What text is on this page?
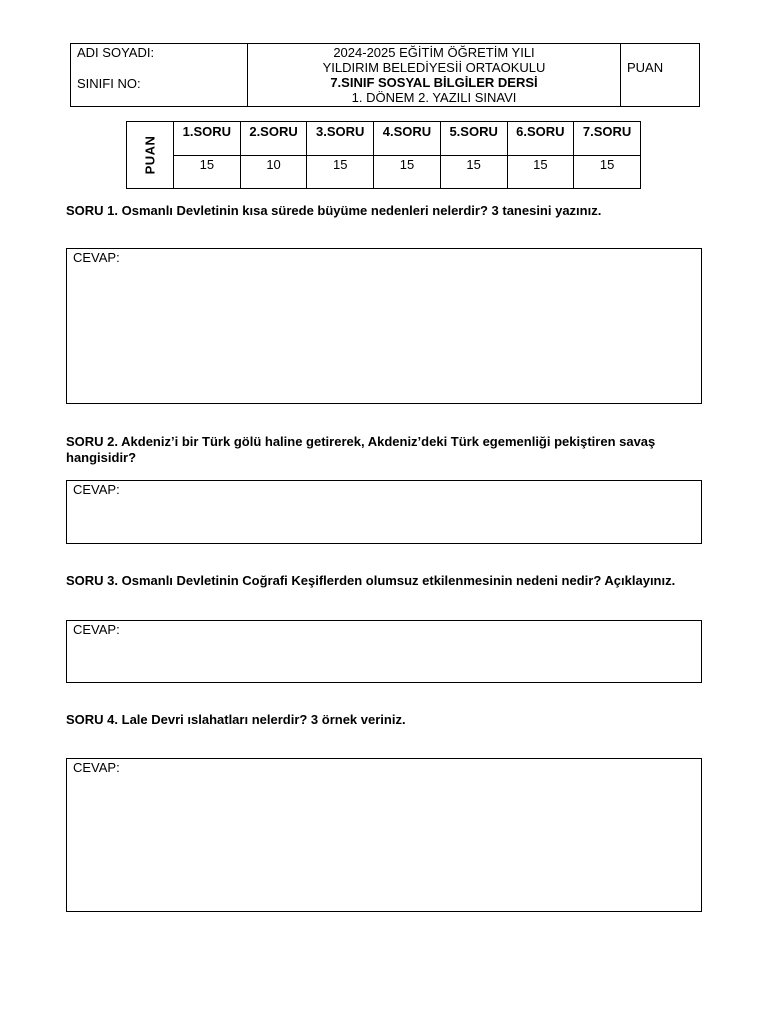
ADI SOYADI:
SINIFI NO:

2024-2025 EĞİTİM ÖĞRETİM YILI
YILDIRIM BELEDİYESİİ ORTAOKULU
7.SINIF SOSYAL BİLGİLER DERSİ
1. DÖNEM 2. YAZILI SINAVI

PUAN
PUAN	1.SORU	2.SORU	3.SORU	4.SORU	5.SORU	6.SORU	7.SORU
	15	10	15	15	15	15	15
SORU 1. Osmanlı Devletinin kısa sürede büyüme nedenleri nelerdir? 3 tanesini yazınız.
CEVAP:
SORU 2. Akdeniz’i bir Türk gölü haline getirerek, Akdeniz’deki Türk egemenliği pekiştiren savaş hangisidir?
CEVAP:
SORU 3. Osmanlı Devletinin Coğrafi Keşiflerden olumsuz etkilenmesinin nedeni nedir? Açıklayınız.
CEVAP:
SORU 4. Lale Devri ıslahatları nelerdir? 3 örnek veriniz.
CEVAP:
